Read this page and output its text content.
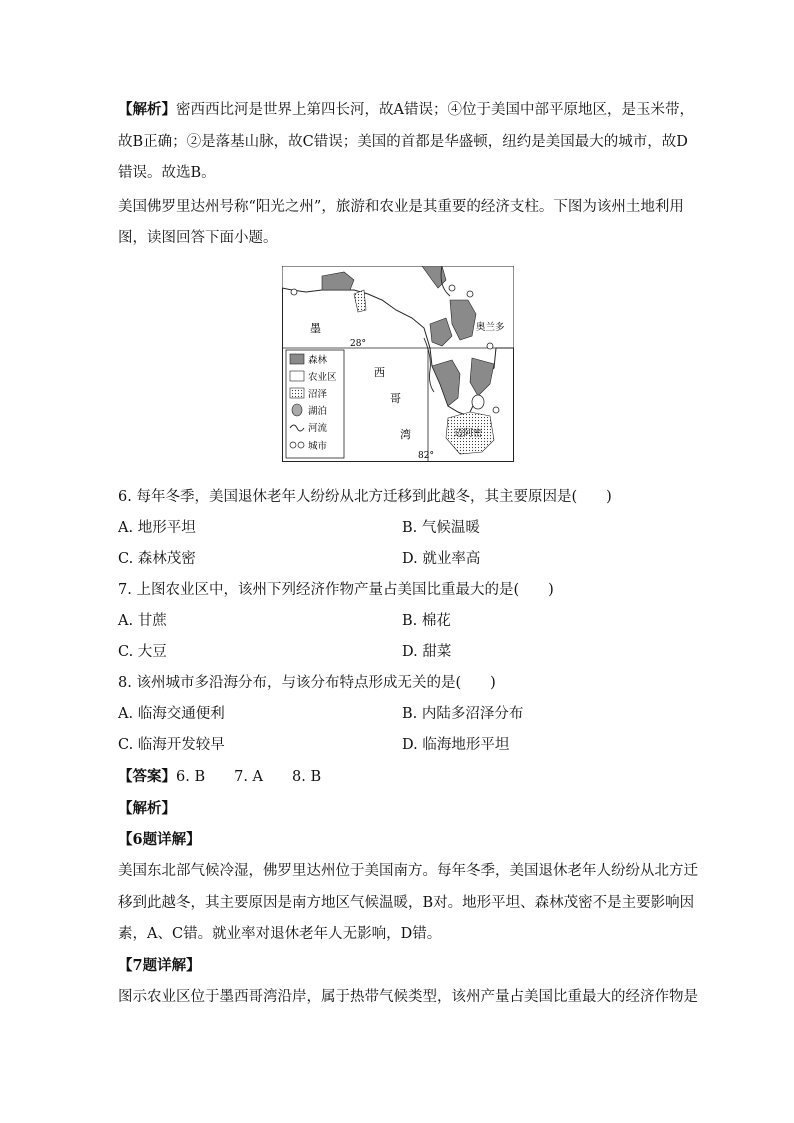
【解析】密西西比河是世界上第四长河，故A错误；④位于美国中部平原地区，是玉米带，
故B正确；②是落基山脉，故C错误；美国的首都是华盛顿，纽约是美国最大的城市，故D
错误。故选B。
美国佛罗里达州号称“阳光之州”，旅游和农业是其重要的经济支柱。下图为该州土地利用
图，读图回答下面小题。
奥兰多
迈阿密
墨
西
哥
湾
28°
82°
森林
农业区
沼泽
湖泊
河流
城市
6. 每年冬季，美国退休老年人纷纷从北方迁移到此越冬，其主要原因是(　　)
A. 地形平坦	B. 气候温暖
C. 森林茂密	D. 就业率高
7. 上图农业区中，该州下列经济作物产量占美国比重最大的是(　　)
A. 甘蔗	B. 棉花
C. 大豆	D. 甜菜
8. 该州城市多沿海分布，与该分布特点形成无关的是(　　)
A. 临海交通便利	B. 内陆多沼泽分布
C. 临海开发较早	D. 临海地形平坦
【答案】6. B　　7. A　　8. B
【解析】
【6题详解】
美国东北部气候冷湿，佛罗里达州位于美国南方。每年冬季，美国退休老年人纷纷从北方迁
移到此越冬，其主要原因是南方地区气候温暖，B对。地形平坦、森林茂密不是主要影响因
素，A、C错。就业率对退休老年人无影响，D错。
【7题详解】
图示农业区位于墨西哥湾沿岸，属于热带气候类型，该州产量占美国比重最大的经济作物是
